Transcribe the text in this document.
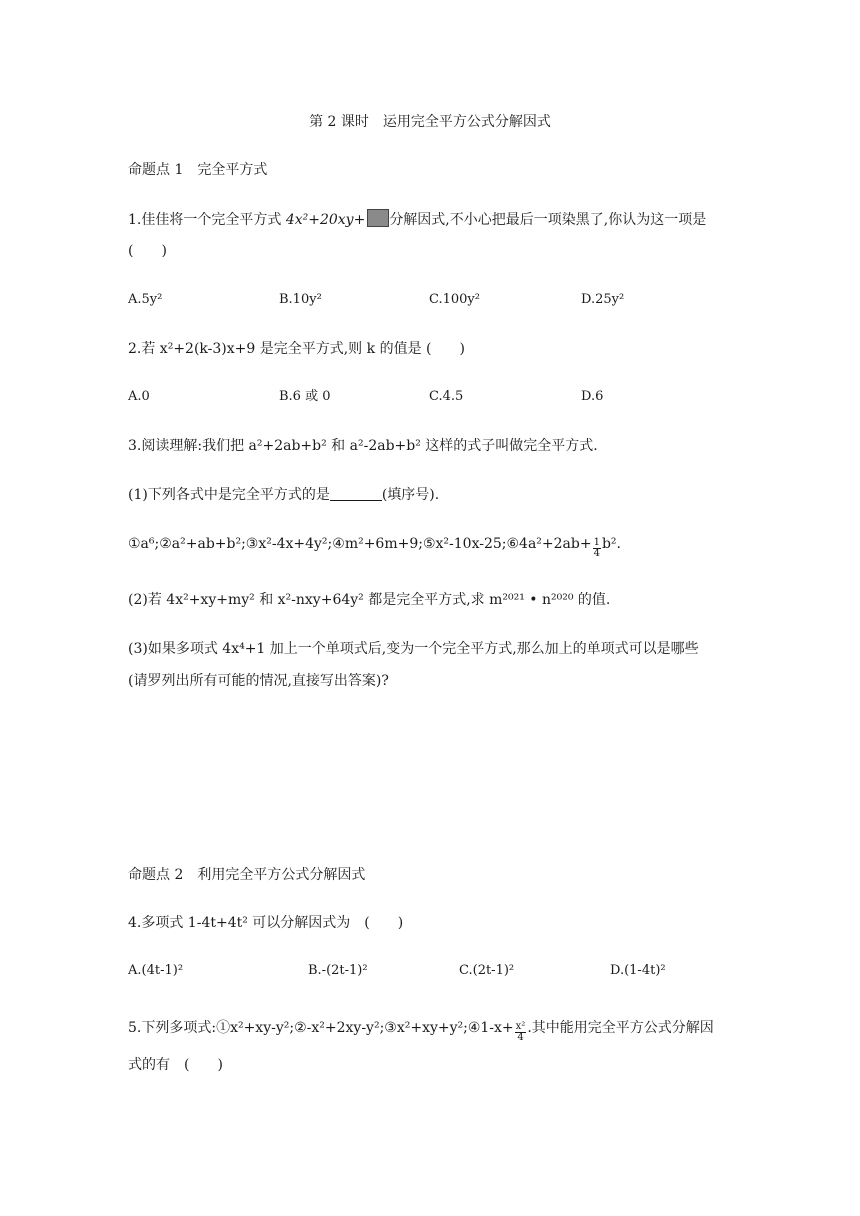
第 2 课时　运用完全平方公式分解因式
命题点 1　完全平方式
1.佳佳将一个完全平方式 4x²+20xy+ 分解因式,不小心把最后一项染黑了,你认为这一项是
(　　)
A.5y²	B.10y²	C.100y²	D.25y²
2.若 x²+2(k-3)x+9 是完全平方式,则 k 的值是 (　　)
A.0	B.6 或 0	C.4.5	D.6
3.阅读理解:我们把 a²+2ab+b² 和 a²-2ab+b² 这样的式子叫做完全平方式.
(1)下列各式中是完全平方式的是	(填序号).
①a⁶;②a²+ab+b²;③x²-4x+4y²;④m²+6m+9;⑤x²-10x-25;⑥4a²+2ab+ $\frac{1}{4} b^2$.
(2)若 4x²+xy+my² 和 x²-nxy+64y² 都是完全平方式,求 m²⁰²¹ • n²⁰²⁰ 的值.
(3)如果多项式 4x⁴+1 加上一个单项式后,变为一个完全平方式,那么加上的单项式可以是哪些
(请罗列出所有可能的情况,直接写出答案)?
命题点 2　利用完全平方公式分解因式
4.多项式 1-4t+4t² 可以分解因式为　(　　)
A.(4t-1)²	B.-(2t-1)²	C.(2t-1)²	D.(1-4t)²
5.下列多项式:①x²+xy-y²;②-x²+2xy-y²;③x²+xy+y²;④1-x+ $\frac{\text{x²}}{4}$ .其中能用完全平方公式分解因
式的有　(　　)
